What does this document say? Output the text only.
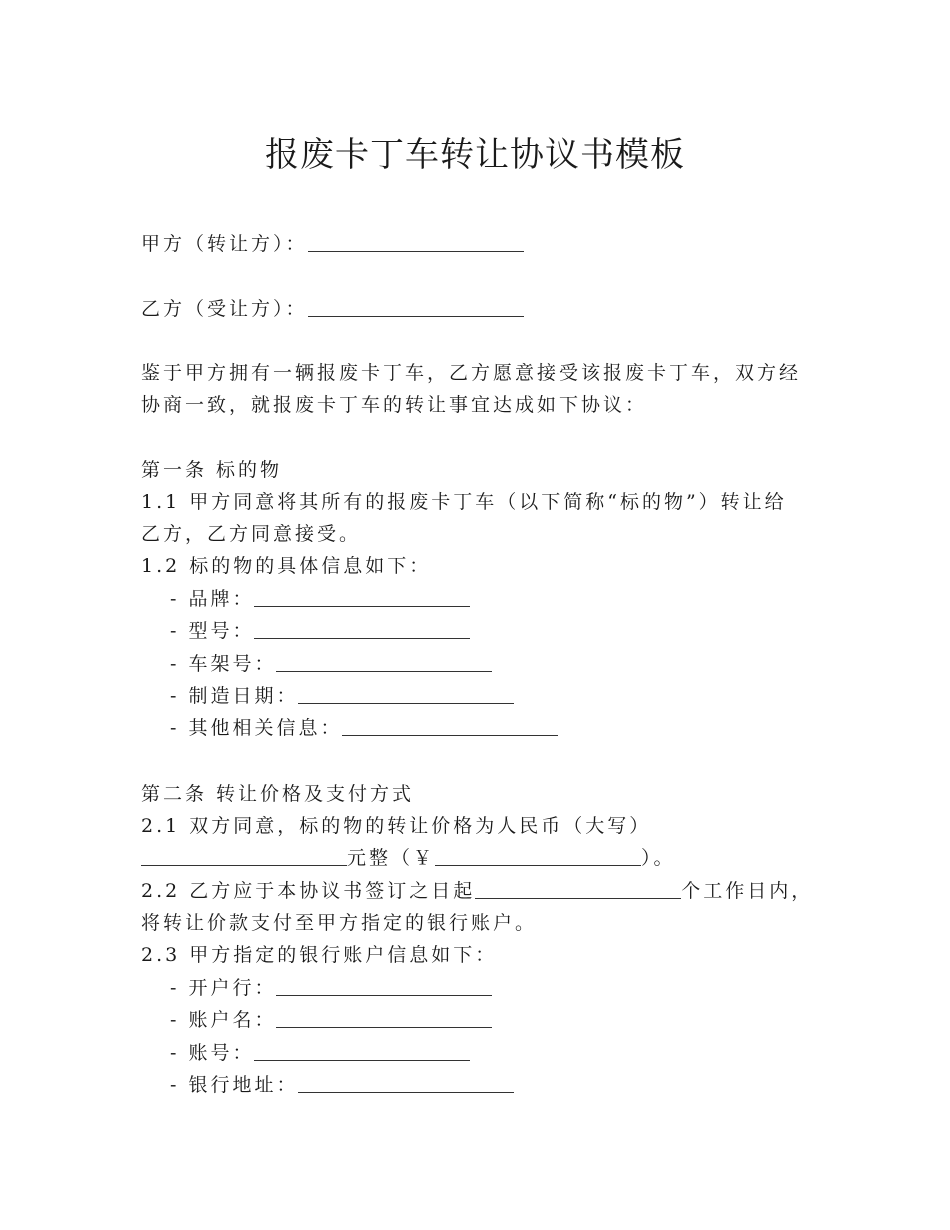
报废卡丁车转让协议书模板
甲方（转让方）：
乙方（受让方）：
鉴于甲方拥有一辆报废卡丁车，乙方愿意接受该报废卡丁车，双方经
协商一致，就报废卡丁车的转让事宜达成如下协议：
第一条 标的物
1.1 甲方同意将其所有的报废卡丁车（以下简称“标的物”）转让给
乙方，乙方同意接受。
1.2 标的物的具体信息如下：
- 品牌：
- 型号：
- 车架号：
- 制造日期：
- 其他相关信息：
第二条 转让价格及支付方式
2.1 双方同意，标的物的转让价格为人民币（大写）
元整（￥	）。
2.2 乙方应于本协议书签订之日起	个工作日内，
将转让价款支付至甲方指定的银行账户。
2.3 甲方指定的银行账户信息如下：
- 开户行：
- 账户名：
- 账号：
- 银行地址：
